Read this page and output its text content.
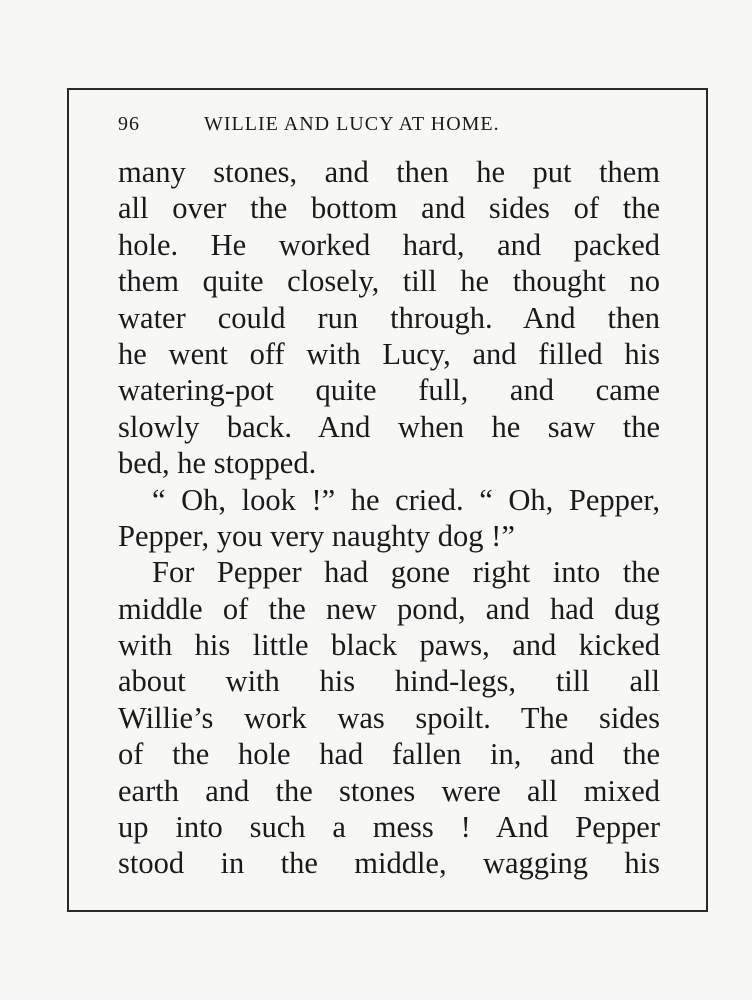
96	WILLIE AND LUCY AT HOME.
many stones, and then he put them
all over the bottom and sides of the
hole. He worked hard, and packed
them quite closely, till he thought no
water could run through. And then
he went off with Lucy, and filled his
watering-pot quite full, and came
slowly back. And when he saw the
bed, he stopped.
“ Oh, look !” he cried. “ Oh, Pepper,
Pepper, you very naughty dog !”
For Pepper had gone right into the
middle of the new pond, and had dug
with his little black paws, and kicked
about with his hind-legs, till all
Willie’s work was spoilt. The sides
of the hole had fallen in, and the
earth and the stones were all mixed
up into such a mess ! And Pepper
stood in the middle, wagging his
